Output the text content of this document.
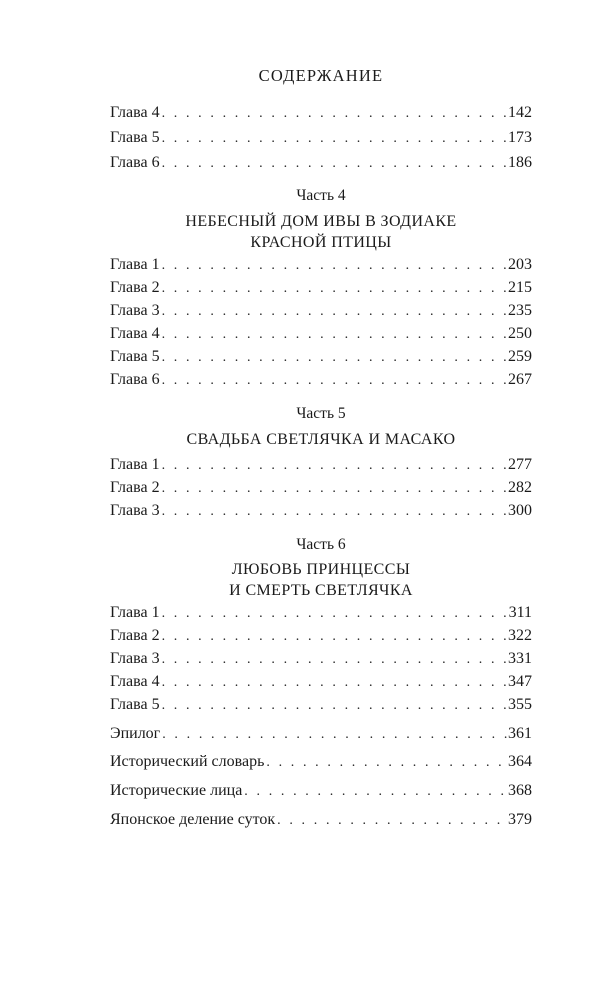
СОДЕРЖАНИЕ
Глава 4 . . .	142
Глава 5 . . .	173
Глава 6 . . .	186
Часть 4
НЕБЕСНЫЙ ДОМ ИВЫ В ЗОДИАКЕ
КРАСНОЙ ПТИЦЫ
Глава 1 . . .	203
Глава 2 . . .	215
Глава 3 . . .	235
Глава 4 . . .	250
Глава 5 . . .	259
Глава 6 . . .	267
Часть 5
СВАДЬБА СВЕТЛЯЧКА И МАСАКО
Глава 1 . . .	277
Глава 2 . . .	282
Глава 3 . . .	300
Часть 6
ЛЮБОВЬ ПРИНЦЕССЫ
И СМЕРТЬ СВЕТЛЯЧКА
Глава 1 . . .	311
Глава 2 . . .	322
Глава 3 . . .	331
Глава 4 . . .	347
Глава 5 . . .	355
Эпилог . . .	361
Исторический словарь . . .	364
Исторические лица . . .	368
Японское деление суток . . .	379
